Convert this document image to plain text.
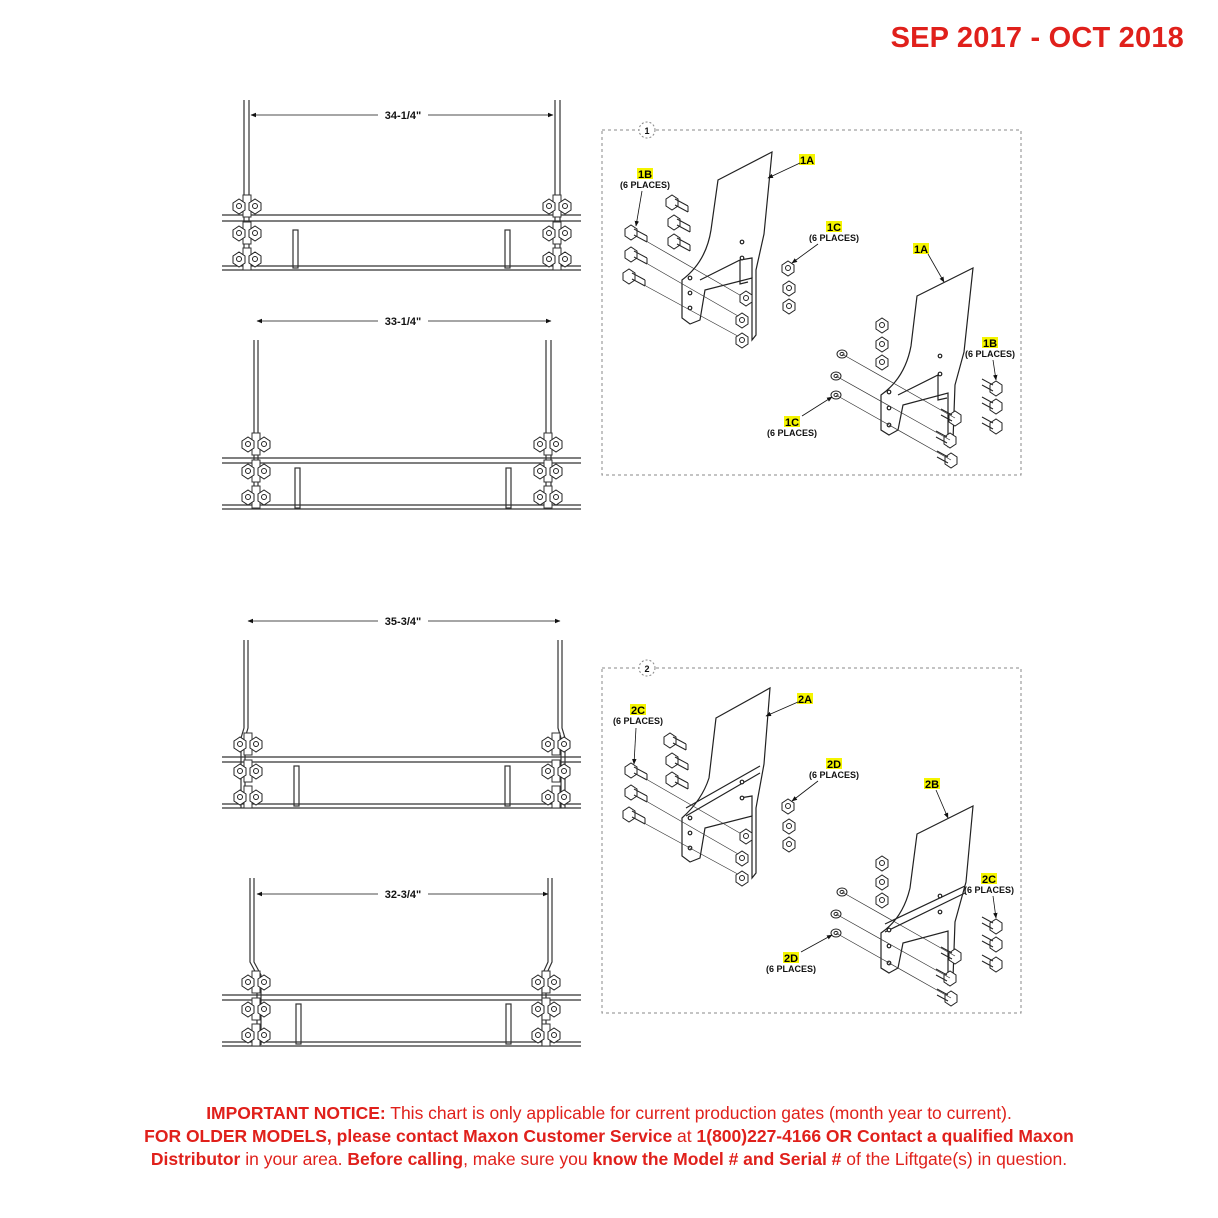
SEP 2017 - OCT 2018
34-1/4"
33-1/4"
35-3/4"
32-3/4"
1
1A
1B
(6 PLACES)
1C
(6 PLACES)
1A
1B
(6 PLACES)
1C
(6 PLACES)
2
2A
2C
(6 PLACES)
2D
(6 PLACES)
2B
2C
(6 PLACES)
2D
(6 PLACES)
IMPORTANT NOTICE: This chart is only applicable for current production gates (month year to current).
FOR OLDER MODELS, please contact Maxon Customer Service at 1(800)227-4166 OR Contact a qualified Maxon
Distributor in your area. Before calling, make sure you know the Model # and Serial # of the Liftgate(s) in question.
